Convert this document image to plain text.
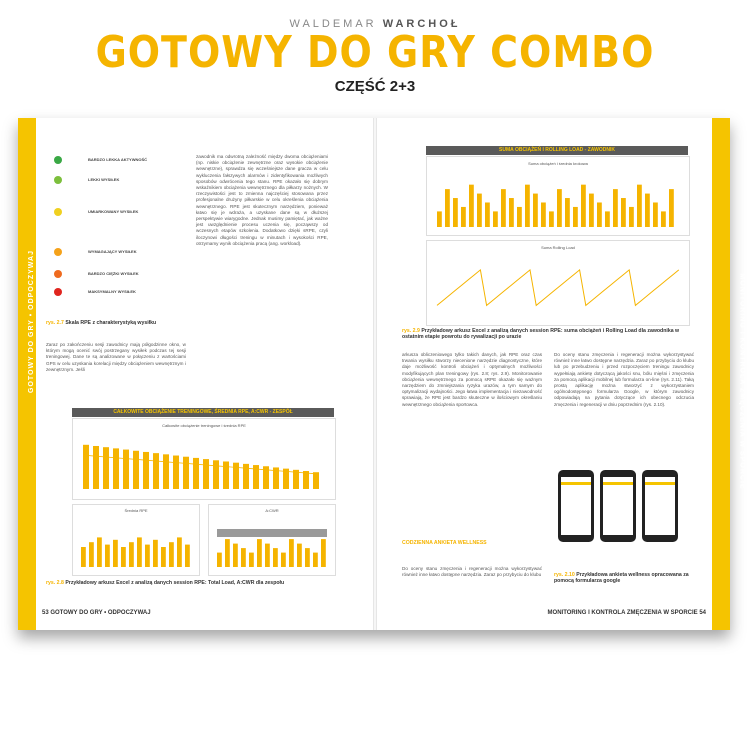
WALDEMAR WARCHOŁ
GOTOWY DO GRY COMBO
CZĘŚĆ 2+3
GOTOWY DO GRY • ODPOCZYWAJ	MONITORING I KONTROLA ZMĘCZENIA W SPORCIE
BARDZO LEKKA AKTYWNOŚĆ
LEKKI WYSIŁEK
UMIARKOWANY WYSIŁEK
WYMAGAJĄCY WYSIŁEK
BARDZO CIĘŻKI WYSIŁEK
MAKSYMALNY WYSIŁEK
rys. 2.7 Skala RPE z charakterystyką wysiłku
zawodnik ma odwrotną zależność między dwoma obciążeniami (np. niskie obciążenie zewnętrzne oraz wysokie obciążenie wewnętrzne), sprawdza się wcześniejsze dane gracza w celu wykluczenia fałszywych alarmów i zidentyfikowania możliwych sposobów odwrócenia tego stanu. RPE okazało się dobrym wskaźnikiem obciążenia wewnętrznego dla piłkarzy nożnych. W rzeczywistości jest to zmienna najczęściej stosowana przez profesjonalne drużyny piłkarskie w celu określenia obciążenia wewnętrznego. RPE jest skutecznym narzędziem, ponieważ łatwo się je wdraża, a uzyskane dane są w dłuższej perspektywie wiarygodne. Jednak musimy pamiętać, jak ważne jest uwzględnienie procesu uczenia się, począwszy od wczesnych etapów szkolenia. Dodatkowo dzięki sRPE, czyli iloczynowi długości treningu w minutach i wysokości RPE, otrzymamy wynik obciążenia pracą (ang. workload).
Zaraz po zakończeniu sesji zawodnicy mają półgodzinne okno, w którym mogą ocenić swój postrzegany wysiłek podczas tej sesji treningowej. Dane te są analizowane w połączeniu z wartościami GPS w celu uzyskania korelacji między obciążeniem wewnętrznym i zewnętrznym. Jeśli
CAŁKOWITE OBCIĄŻENIE TRENINGOWE, ŚREDNIA RPE, A:CWR - ZESPÓŁ
Całkowite obciążenie treningowe i średnia RPE
Średnia RPE	A:CWR
rys. 2.8 Przykładowy arkusz Excel z analizą danych session RPE: Total Load, A:CWR dla zespołu
53 GOTOWY DO GRY • ODPOCZYWAJ
SUMA OBCIĄŻEŃ I ROLLING LOAD - ZAWODNIK
Suma obciążeń i średnia krokowa
Suma Rolling Load
rys. 2.9 Przykładowy arkusz Excel z analizą danych session RPE: suma obciążeń i Rolling Load dla zawodnika w ostatnim etapie powrotu do rywalizacji po urazie
arkusza obliczeniowego tylko takich danych, jak RPE oraz czas trwania wysiłku stworzy niecenione narzędzie diagnostyczne, które daje możliwość kontroli obciążeń i optymalnych możliwości modyfikujących plan treningowy (rys. 2.8; rys. 2.9). Monitorowanie obciążenia wewnętrznego za pomocą sRPE okazało się ważnym narzędziem do zmniejszania ryzyka urazów, a tym samym do optymalizacji wydajności. Jego łatwa implementacja i niezawodność sprawiają, że RPE jest bardzo skuteczne w ilościowym określaniu wewnętrznego obciążenia sportowca.
CODZIENNA ANKIETA WELLNESS
Do oceny stanu zmęczenia i regeneracji można wykorzystywać również inne łatwo dostępne narzędzia. Zaraz po przybyciu do klubu
Do oceny stanu zmęczenia i regeneracji można wykorzystywać również inne łatwo dostępne narzędzia. Zaraz po przybyciu do klubu lub po przebudzeniu i przed rozpoczęciem treningu zawodnicy wypełniają ankietę dotyczącą jakości snu, bólu mięśni i zmęczenia za pomocą aplikacji mobilnej lub formularza on-line (rys. 2.11). Taką prostą aplikację można stworzyć z wykorzystaniem ogólnodostępnego formularza Google, w którym zawodnicy odpowiadają na pytania dotyczące ich obecnego odczucia zmęczenia i regeneracji w dniu poprzednim (rys. 2.10).
rys. 2.10 Przykładowa ankieta wellness opracowana za pomocą formularza google
MONITORING I KONTROLA ZMĘCZENIA W SPORCIE 54
